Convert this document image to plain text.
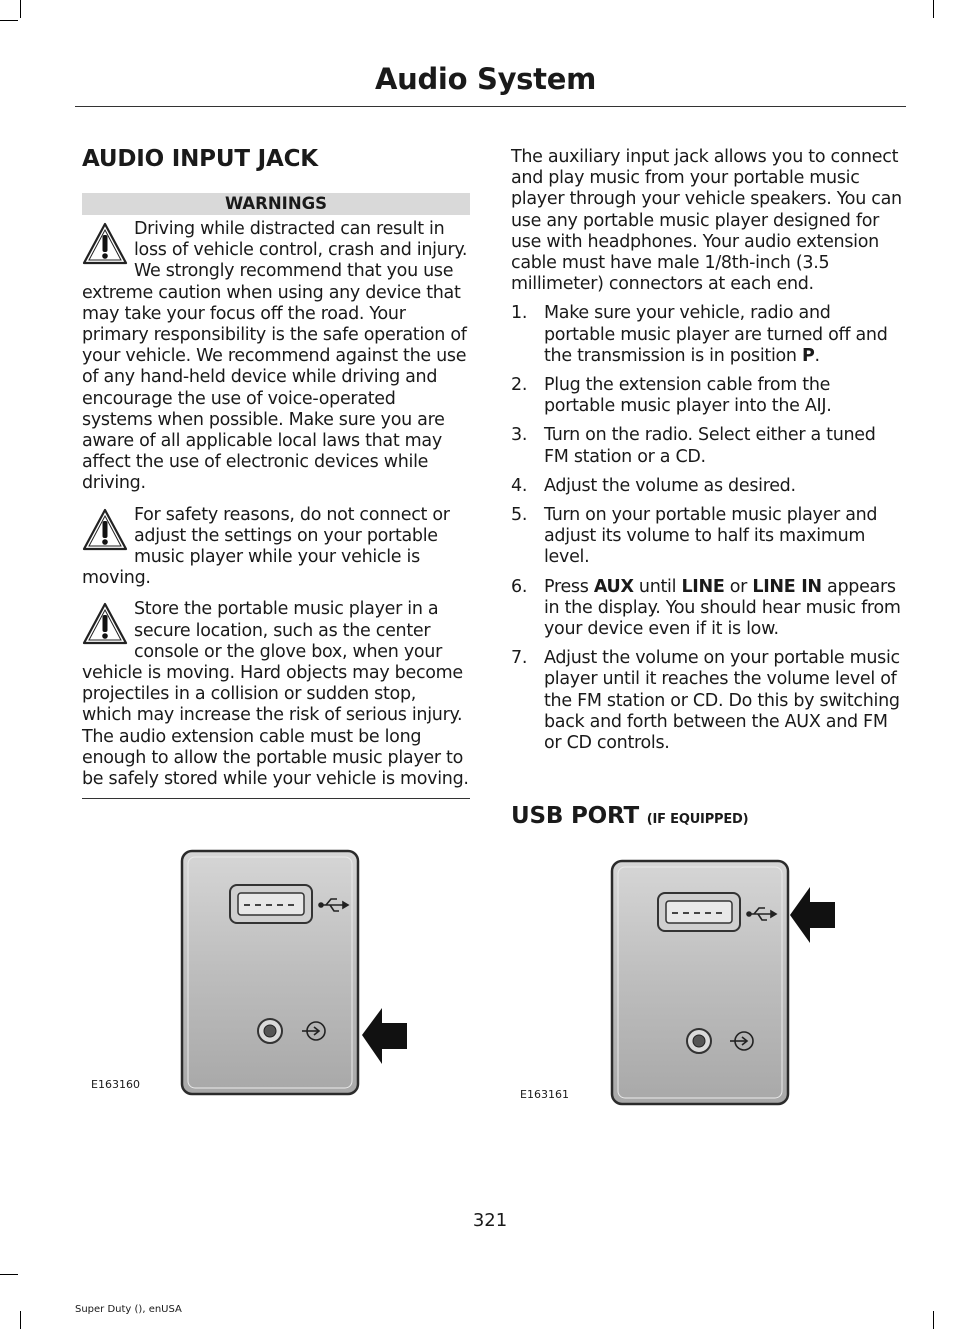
Audio System
AUDIO INPUT JACK
WARNINGS
Driving while distracted can result in loss of vehicle control, crash and injury. We strongly recommend that you use extreme caution when using any device that may take your focus off the road. Your primary responsibility is the safe operation of your vehicle. We recommend against the use of any hand-held device while driving and encourage the use of voice-operated systems when possible. Make sure you are aware of all applicable local laws that may affect the use of electronic devices while driving.
For safety reasons, do not connect or adjust the settings on your portable music player while your vehicle is moving.
Store the portable music player in a secure location, such as the center console or the glove box, when your vehicle is moving. Hard objects may become projectiles in a collision or sudden stop, which may increase the risk of serious injury. The audio extension cable must be long enough to allow the portable music player to be safely stored while your vehicle is moving.

The auxiliary input jack allows you to connect and play music from your portable music player through your vehicle speakers. You can use any portable music player designed for use with headphones. Your audio extension cable must have male 1/8th-inch (3.5 millimeter) connectors at each end.

1. Make sure your vehicle, radio and portable music player are turned off and the transmission is in position P.
2. Plug the extension cable from the portable music player into the AIJ.
3. Turn on the radio. Select either a tuned FM station or a CD.
4. Adjust the volume as desired.
5. Turn on your portable music player and adjust its volume to half its maximum level.
6. Press AUX until LINE or LINE IN appears in the display. You should hear music from your device even if it is low.
7. Adjust the volume on your portable music player until it reaches the volume level of the FM station or CD. Do this by switching back and forth between the AUX and FM or CD controls.
USB PORT (IF EQUIPPED)
E163160
E163161
321
Super Duty (), enUSA
